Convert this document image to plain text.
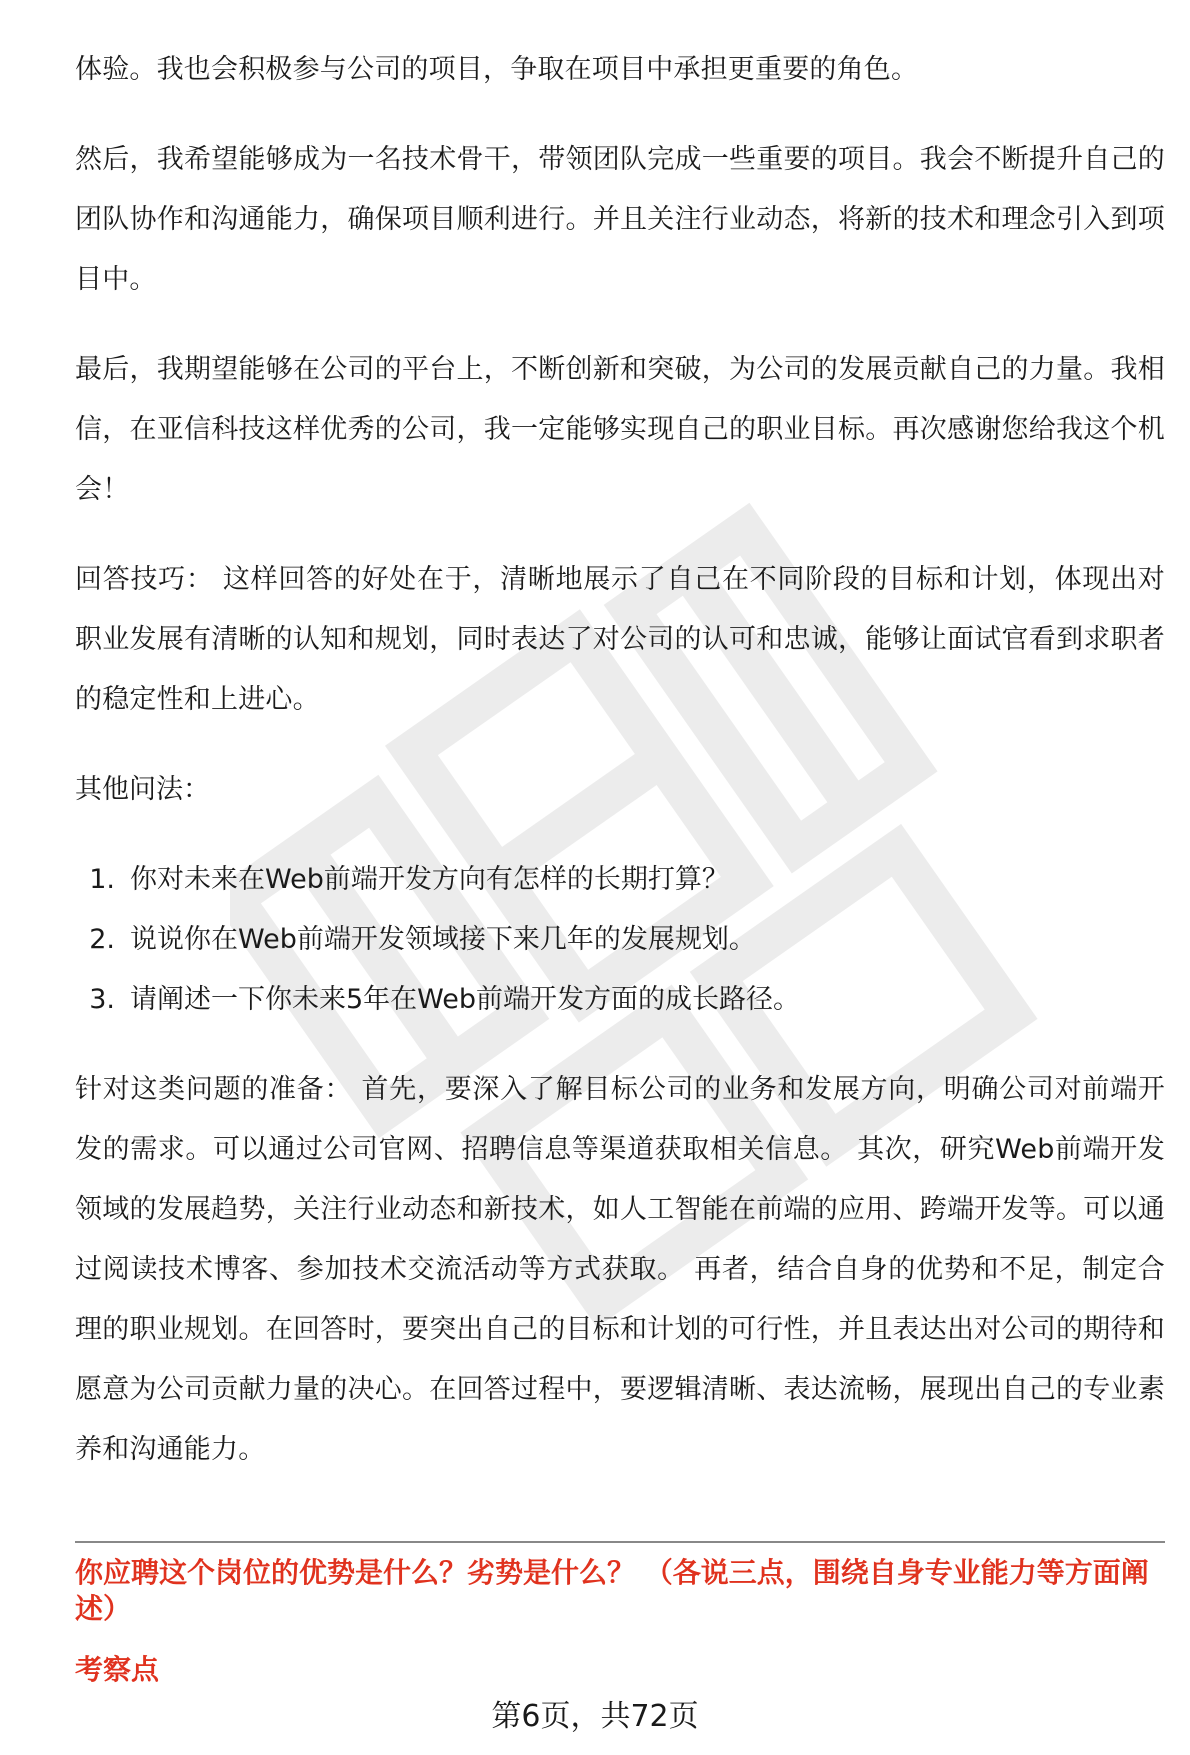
体验。我也会积极参与公司的项目，争取在项目中承担更重要的角色。

然后，我希望能够成为一名技术骨干，带领团队完成一些重要的项目。我会不断提升自己的团队协作和沟通能力，确保项目顺利进行。并且关注行业动态，将新的技术和理念引入到项目中。

最后，我期望能够在公司的平台上，不断创新和突破，为公司的发展贡献自己的力量。我相信，在亚信科技这样优秀的公司，我一定能够实现自己的职业目标。再次感谢您给我这个机会！

回答技巧： 这样回答的好处在于，清晰地展示了自己在不同阶段的目标和计划，体现出对职业发展有清晰的认知和规划，同时表达了对公司的认可和忠诚，能够让面试官看到求职者的稳定性和上进心。

其他问法：

1. 你对未来在Web前端开发方向有怎样的长期打算？
2. 说说你在Web前端开发领域接下来几年的发展规划。
3. 请阐述一下你未来5年在Web前端开发方面的成长路径。

针对这类问题的准备： 首先，要深入了解目标公司的业务和发展方向，明确公司对前端开发的需求。可以通过公司官网、招聘信息等渠道获取相关信息。 其次，研究Web前端开发领域的发展趋势，关注行业动态和新技术，如人工智能在前端的应用、跨端开发等。可以通过阅读技术博客、参加技术交流活动等方式获取。 再者，结合自身的优势和不足，制定合理的职业规划。在回答时，要突出自己的目标和计划的可行性，并且表达出对公司的期待和愿意为公司贡献力量的决心。在回答过程中，要逻辑清晰、表达流畅，展现出自己的专业素养和沟通能力。

你应聘这个岗位的优势是什么？劣势是什么？ （各说三点，围绕自身专业能力等方面阐述）

考察点
第6页，共72页
